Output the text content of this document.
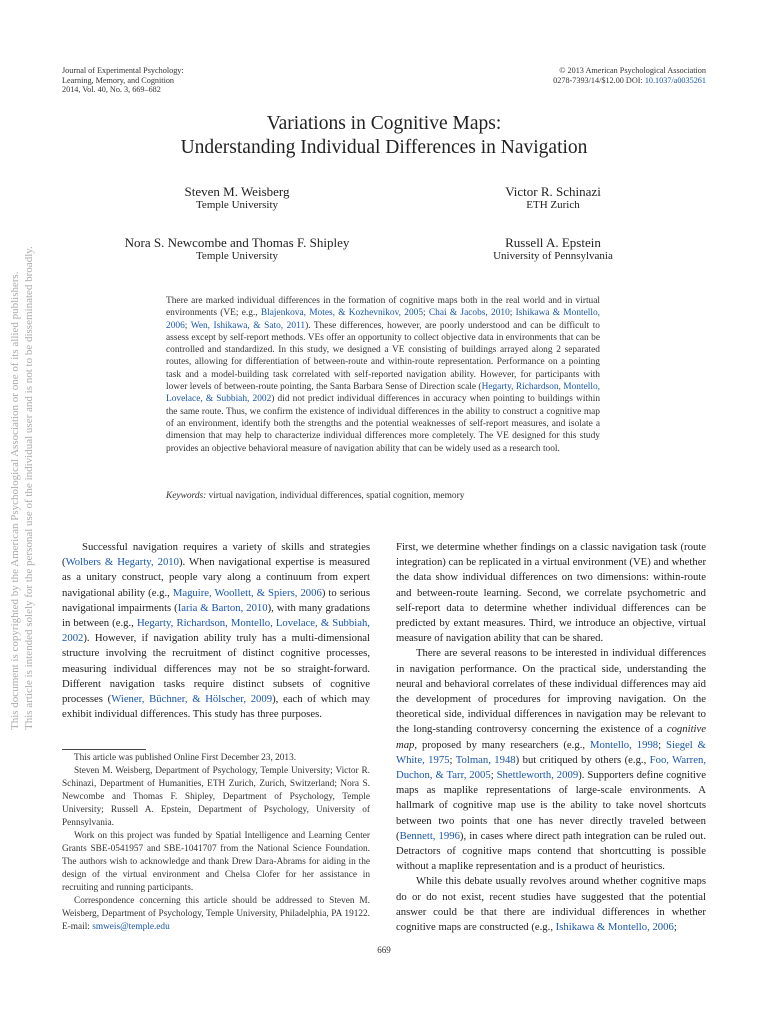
Journal of Experimental Psychology:
Learning, Memory, and Cognition
2014, Vol. 40, No. 3, 669–682
© 2013 American Psychological Association
0278-7393/14/$12.00 DOI: 10.1037/a0035261
Variations in Cognitive Maps:
Understanding Individual Differences in Navigation
Steven M. Weisberg
Temple University
Victor R. Schinazi
ETH Zurich
Nora S. Newcombe and Thomas F. Shipley
Temple University
Russell A. Epstein
University of Pennsylvania

There are marked individual differences in the formation of cognitive maps both in the real world and in virtual environments (VE; e.g., Blajenkova, Motes, & Kozhevnikov, 2005; Chai & Jacobs, 2010; Ishikawa & Montello, 2006; Wen, Ishikawa, & Sato, 2011). These differences, however, are poorly understood and can be difficult to assess except by self-report methods. VEs offer an opportunity to collect objective data in environments that can be controlled and standardized. In this study, we designed a VE consisting of buildings arrayed along 2 separated routes, allowing for differentiation of between-route and within-route representation. Performance on a pointing task and a model-building task correlated with self-reported navigation ability. However, for participants with lower levels of between-route pointing, the Santa Barbara Sense of Direction scale (Hegarty, Richardson, Montello, Lovelace, & Subbiah, 2002) did not predict individual differences in accuracy when pointing to buildings within the same route. Thus, we confirm the existence of individual differences in the ability to construct a cognitive map of an environment, identify both the strengths and the potential weaknesses of self-report measures, and isolate a dimension that may help to characterize individual differences more completely. The VE designed for this study provides an objective behavioral measure of navigation ability that can be widely used as a research tool.

Keywords: virtual navigation, individual differences, spatial cognition, memory

Successful navigation requires a variety of skills and strategies (Wolbers & Hegarty, 2010). When navigational expertise is measured as a unitary construct, people vary along a continuum from expert navigational ability (e.g., Maguire, Woollett, & Spiers, 2006) to serious navigational impairments (Iaria & Barton, 2010), with many gradations in between (e.g., Hegarty, Richardson, Montello, Lovelace, & Subbiah, 2002). However, if navigation ability truly has a multi-dimensional structure involving the recruitment of distinct cognitive processes, measuring individual differences may not be so straight-forward. Different navigation tasks require distinct subsets of cognitive processes (Wiener, Büchner, & Hölscher, 2009), each of which may exhibit individual differences. This study has three purposes.

This article was published Online First December 23, 2013.

Steven M. Weisberg, Department of Psychology, Temple University; Victor R. Schinazi, Department of Humanities, ETH Zurich, Zurich, Switzerland; Nora S. Newcombe and Thomas F. Shipley, Department of Psychology, Temple University; Russell A. Epstein, Department of Psychology, University of Pennsylvania.

Work on this project was funded by Spatial Intelligence and Learning Center Grants SBE-0541957 and SBE-1041707 from the National Science Foundation. The authors wish to acknowledge and thank Drew Dara-Abrams for aiding in the design of the virtual environment and Chelsa Clofer for her assistance in recruiting and running participants.

Correspondence concerning this article should be addressed to Steven M. Weisberg, Department of Psychology, Temple University, Philadelphia, PA 19122. E-mail: smweis@temple.edu

First, we determine whether findings on a classic navigation task (route integration) can be replicated in a virtual environment (VE) and whether the data show individual differences on two dimensions: within-route and between-route learning. Second, we correlate psychometric and self-report data to determine whether individual differences can be predicted by extant measures. Third, we introduce an objective, virtual measure of navigation ability that can be shared.

There are several reasons to be interested in individual differences in navigation performance. On the practical side, understanding the neural and behavioral correlates of these individual differences may aid the development of procedures for improving navigation. On the theoretical side, individual differences in navigation may be relevant to the long-standing controversy concerning the existence of a cognitive map, proposed by many researchers (e.g., Montello, 1998; Siegel & White, 1975; Tolman, 1948) but critiqued by others (e.g., Foo, Warren, Duchon, & Tarr, 2005; Shettleworth, 2009). Supporters define cognitive maps as maplike representations of large-scale environments. A hallmark of cognitive map use is the ability to take novel shortcuts between two points that one has never directly traveled between (Bennett, 1996), in cases where direct path integration can be ruled out. Detractors of cognitive maps contend that shortcutting is possible without a maplike representation and is a product of heuristics.

While this debate usually revolves around whether cognitive maps do or do not exist, recent studies have suggested that the potential answer could be that there are individual differences in whether cognitive maps are constructed (e.g., Ishikawa & Montello, 2006;

This document is copyrighted by the American Psychological Association or one of its allied publishers. This article is intended solely for the personal use of the individual user and is not to be disseminated broadly.
669
